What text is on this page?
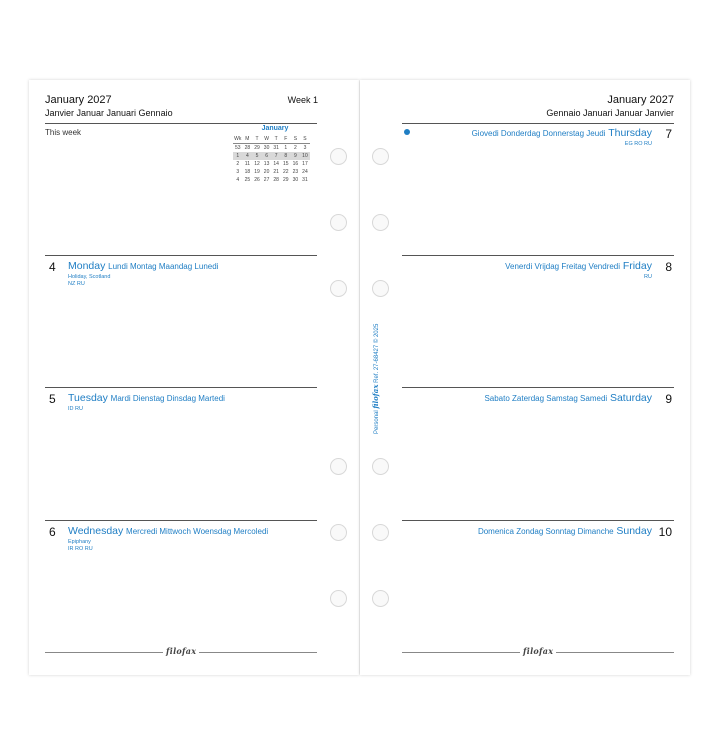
January 2027
Janvier Januar Januari Gennaio
Week 1
This week	January
Wk	M	T	W	T	F	S	S
53	28	29	30	31	1	2	3
1	4	5	6	7	8	9	10
2	11	12	13	14	15	16	17
3	18	19	20	21	22	23	24
4	25	26	27	28	29	30	31
4 Monday Lundi Montag Maandag Lunedi
Holiday, Scotland
NZ RU
5 Tuesday Mardi Dienstag Dinsdag Martedi
ID RU
6 Wednesday Mercredi Mittwoch Woensdag Mercoledi
Epiphany
IR RO RU
filofax
January 2027
Gennaio Januari Januar Janvier
7
Giovedi Donderdag Donnerstag Jeudi Thursday
EG RO RU
8
Venerdi Vrijdag Freitag Vendredi Friday
RU
9
Sabato Zaterdag Samstag Samedi Saturday
10
Domenica Zondag Sonntag Dimanche Sunday
filofax
Personal filofax Ref. 27-68427 © 2025
